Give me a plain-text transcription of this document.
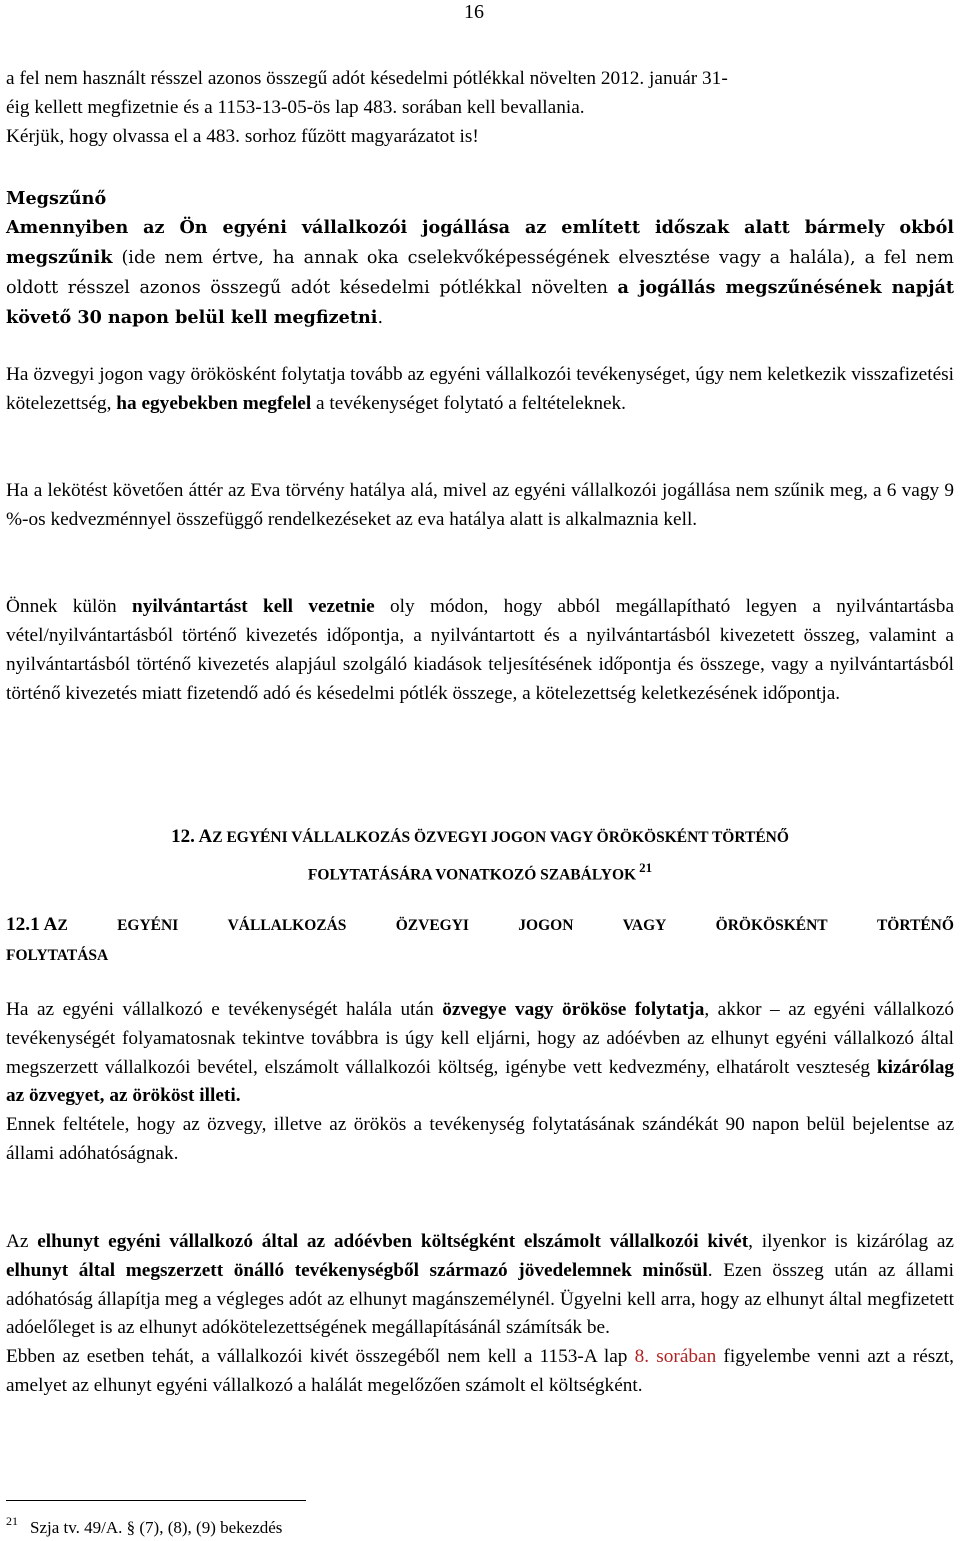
16

a fel nem használt résszel azonos összegű adót késedelmi pótlékkal növelten 2012. január 31-

éig kellett megfizetnie és a 1153-13-05-ös lap 483. sorában kell bevallania.

Kérjük, hogy olvassa el a 483. sorhoz fűzött magyarázatot is!

Megszűnő

Amennyiben az Ön egyéni vállalkozói jogállása az említett időszak alatt bármely okból megszűnik (ide nem értve, ha annak oka cselekvőképességének elvesztése vagy a halála), a fel nem oldott résszel azonos összegű adót késedelmi pótlékkal növelten a jogállás megszűnésének napját követő 30 napon belül kell megfizetni.

Ha özvegyi jogon vagy örökösként folytatja tovább az egyéni vállalkozói tevékenységet, úgy nem keletkezik visszafizetési kötelezettség, ha egyebekben megfelel a tevékenységet folytató a feltételeknek.

Ha a lekötést követően áttér az Eva törvény hatálya alá, mivel az egyéni vállalkozói jogállása nem szűnik meg, a 6 vagy 9 %-os kedvezménnyel összefüggő rendelkezéseket az eva hatálya alatt is alkalmaznia kell.

Önnek külön nyilvántartást kell vezetnie oly módon, hogy abból megállapítható legyen a nyilvántartásba vétel/nyilvántartásból történő kivezetés időpontja, a nyilvántartott és a nyilvántartásból kivezetett összeg, valamint a nyilvántartásból történő kivezetés alapjául szolgáló kiadások teljesítésének időpontja és összege, vagy a nyilvántartásból történő kivezetés miatt fizetendő adó és késedelmi pótlék összege, a kötelezettség keletkezésének időpontja.

12. AZ EGYÉNI VÁLLALKOZÁS ÖZVEGYI JOGON VAGY ÖRÖKÖSKÉNT TÖRTÉNŐ
FOLYTATÁSÁRA VONATKOZÓ SZABÁLYOK $^{21}$
12.1 AZ	EGYÉNI	VÁLLALKOZÁS	ÖZVEGYI	JOGON	VAGY	ÖRÖKÖSKÉNT	TÖRTÉNŐ
FOLYTATÁSA

Ha az egyéni vállalkozó e tevékenységét halála után özvegye vagy örököse folytatja, akkor – az egyéni vállalkozó tevékenységét folyamatosnak tekintve továbbra is úgy kell eljárni, hogy az adóévben az elhunyt egyéni vállalkozó által megszerzett vállalkozói bevétel, elszámolt vállalkozói költség, igénybe vett kedvezmény, elhatárolt veszteség kizárólag az özvegyet, az örököst illeti.

Ennek feltétele, hogy az özvegy, illetve az örökös a tevékenység folytatásának szándékát 90 napon belül bejelentse az állami adóhatóságnak.

Az elhunyt egyéni vállalkozó által az adóévben költségként elszámolt vállalkozói kivét, ilyenkor is kizárólag az elhunyt által megszerzett önálló tevékenységből származó jövedelemnek minősül. Ezen összeg után az állami adóhatóság állapítja meg a végleges adót az elhunyt magánszemélynél. Ügyelni kell arra, hogy az elhunyt által megfizetett adóelőleget is az elhunyt adókötelezettségének megállapításánál számítsák be.

Ebben az esetben tehát, a vállalkozói kivét összegéből nem kell a 1153-A lap 8. sorában figyelembe venni azt a részt, amelyet az elhunyt egyéni vállalkozó a halálát megelőzően számolt el költségként.

$^{21}$ Szja tv. 49/A. § (7), (8), (9) bekezdés
